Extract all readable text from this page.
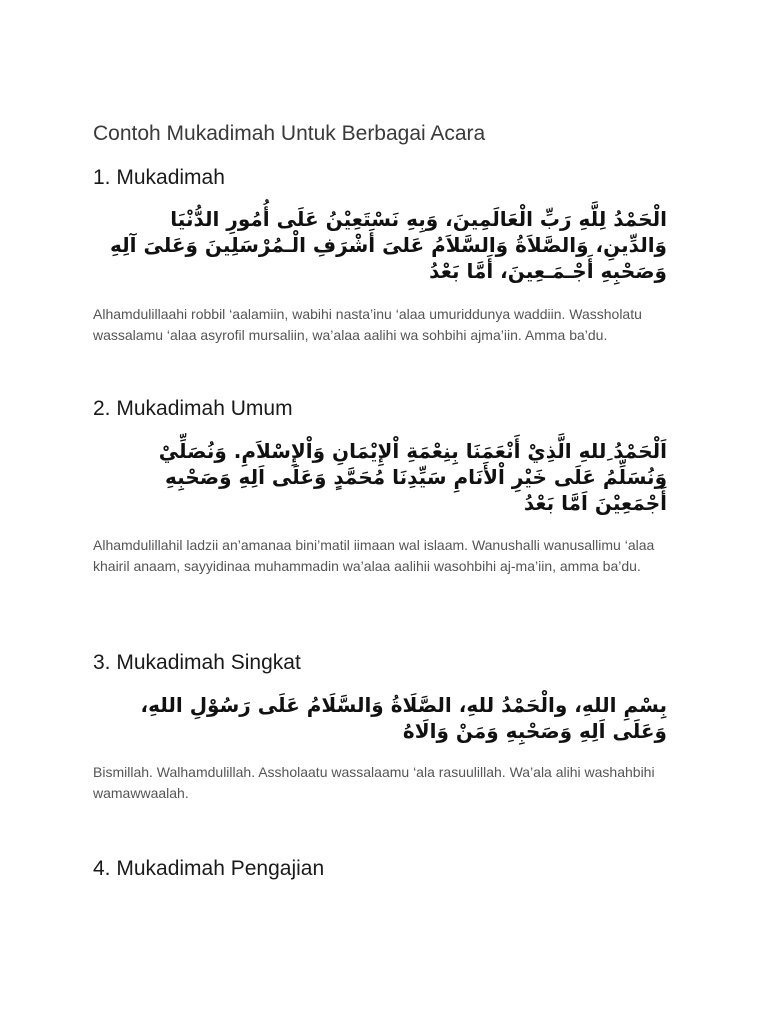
Contoh Mukadimah Untuk Berbagai Acara
1. Mukadimah
الْحَمْدُ لِلَّهِ رَبِّ الْعَالَمِينَ، وَبِهِ نَسْتَعِيْنُ عَلَى أُمُورِ الدُّنْيَا وَالدِّينِ، وَالصَّلاَةُ وَالسَّلاَمُ عَلىَ أَشْرَفِ الْـمُرْسَلِينَ وَعَلىَ آلِهِ وَصَحْبِهِ أَجْـمَـعِينَ، أَمَّا بَعْدُ
Alhamdulillaahi robbil ‘aalamiin, wabihi nasta’inu ‘alaa umuriddunya waddiin. Wassholatu wassalamu ‘alaa asyrofil mursaliin, wa’alaa aalihi wa sohbihi ajma’iin. Amma ba’du.
2. Mukadimah Umum
اَلْحَمْدُ ِللهِ الَّذِيْ أَنْعَمَنَا بِنِعْمَةِ اْلإِيْمَانِ وَاْلإِسْلاَمِ. وَنُصَلِّيْ وَنُسَلِّمُ عَلَى خَيْرِ اْلأَنَامِ سَيِّدِنَا مُحَمَّدٍ وَعَلَى اَلِهِ وَصَحْبِهِ أَجْمَعِيْنَ اَمَّا بَعْدُ
Alhamdulillahil ladzii an’amanaa bini’matil iimaan wal islaam. Wanushalli wanusallimu ‘alaa khairil anaam, sayyidinaa muhammadin wa’alaa aalihii wasohbihi aj-ma’iin, amma ba’du.
3. Mukadimah Singkat
بِسْمِ اللهِ، والْحَمْدُ للهِ، الصَّلَاةُ وَالسَّلَامُ عَلَى رَسُوْلِ اللهِ، وَعَلَى اَلِهِ وَصَحْبِهِ وَمَنْ وَالَاهُ
Bismillah. Walhamdulillah. Assholaatu wassalaamu ‘ala rasuulillah. Wa’ala alihi washahbihi wamawwaalah.
4. Mukadimah Pengajian
